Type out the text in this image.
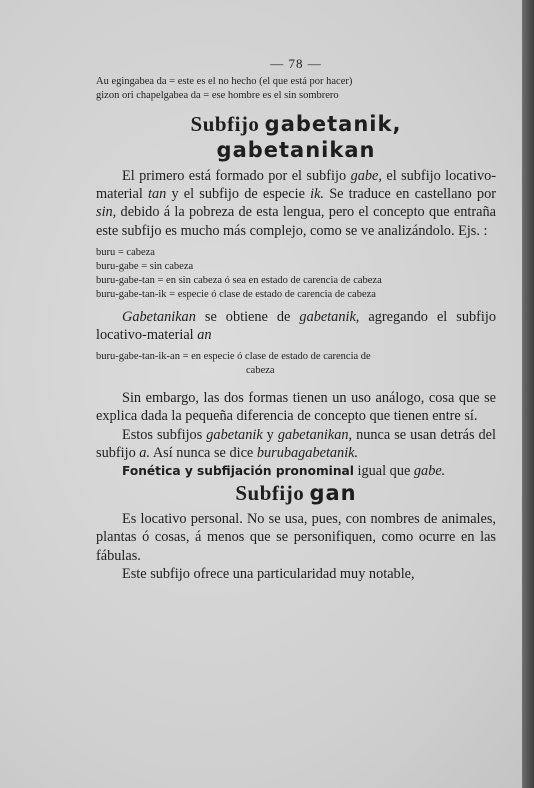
— 78 —

Au egingabea da = este es el no hecho (el que está por hacer)

gizon ori chapelgabea da = ese hombre es el sin sombrero

Subfijo gabetanik,
gabetanikan

El primero está formado por el subfijo gabe, el subfijo locativo-material tan y el subfijo de especie ik. Se traduce en castellano por sin, debido á la pobreza de esta lengua, pero el concepto que entraña este subfijo es mucho más complejo, como se ve analizándolo. Ejs. :

buru = cabeza

buru-gabe = sin cabeza

buru-gabe-tan = en sin cabeza ó sea en estado de carencia de cabeza

buru-gabe-tan-ik = especie ó clase de estado de carencia de cabeza

Gabetanikan se obtiene de gabetanik, agregando el subfijo locativo-material an

buru-gabe-tan-ik-an = en especie ó clase de estado de carencia de

cabeza

Sin embargo, las dos formas tienen un uso análogo, cosa que se explica dada la pequeña diferencia de concepto que tienen entre sí.

Estos subfijos gabetanik y gabetanikan, nunca se usan detrás del subfijo a. Así nunca se dice burubagabetanik.

Fonética y subfijación pronominal igual que gabe.

Subfijo gan

Es locativo personal. No se usa, pues, con nombres de animales, plantas ó cosas, á menos que se personifiquen, como ocurre en las fábulas.

Este subfijo ofrece una particularidad muy notable,
